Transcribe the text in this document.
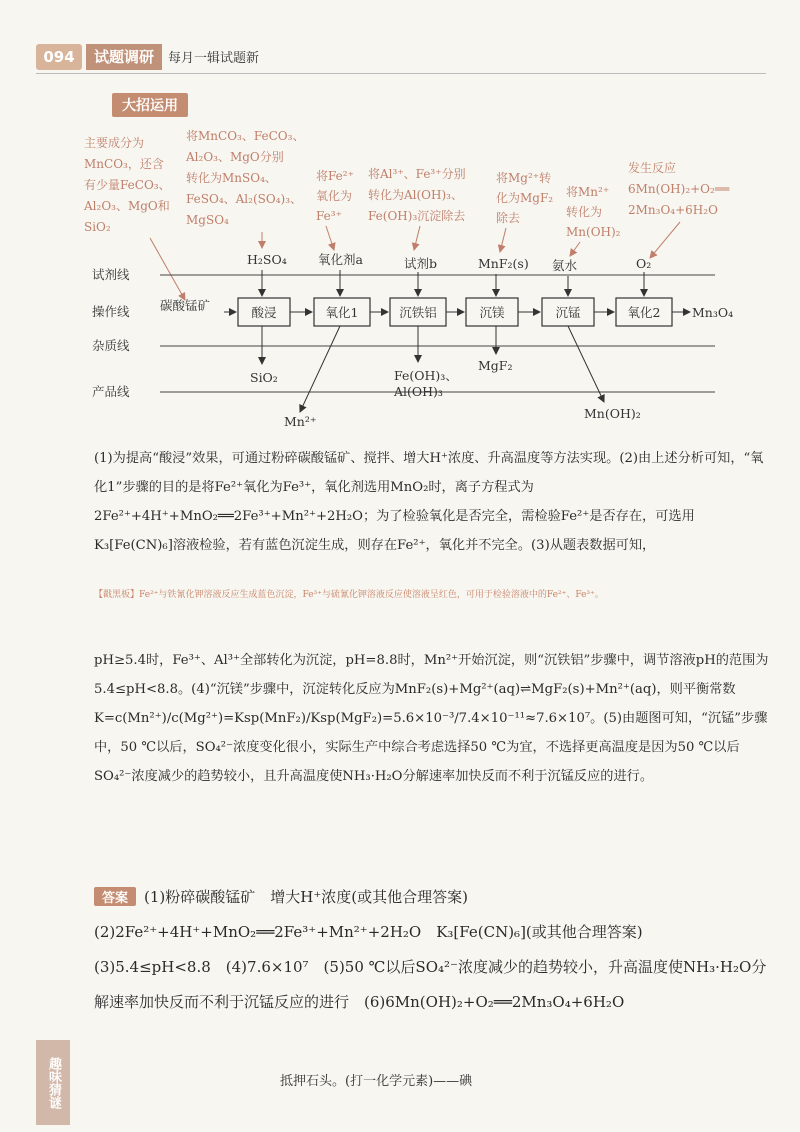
094	试题调研	每月一辑试题新
大招运用
主要成分为
MnCO₃，还含
有少量FeCO₃、
Al₂O₃、MgO和
SiO₂
将MnCO₃、FeCO₃、
Al₂O₃、MgO分别
转化为MnSO₄、
FeSO₄、Al₂(SO₄)₃、
MgSO₄
将Fe²⁺
氧化为
Fe³⁺
将Al³⁺、Fe³⁺分别
转化为Al(OH)₃、
Fe(OH)₃沉淀除去
将Mg²⁺转
化为MgF₂
除去
将Mn²⁺
转化为
Mn(OH)₂
发生反应
6Mn(OH)₂+O₂══
2Mn₃O₄+6H₂O
试剂线
操作线
杂质线
产品线
H₂SO₄	氧化剂a	试剂b	MnF₂(s) 氨水	O₂
碳酸锰矿	酸浸	氧化1	沉铁铝	沉镁	沉锰	氧化2	Mn₃O₄
SiO₂	Fe(OH)₃、
Al(OH)₃
MgF₂
Mn²⁺
Mn(OH)₂
(1)为提高“酸浸”效果，可通过粉碎碳酸锰矿、搅拌、增大H⁺浓度、升高温度等方法实现。(2)由上述分析可知，“氧化1”步骤的目的是将Fe²⁺氧化为Fe³⁺，氧化剂选用MnO₂时，离子方程式为2Fe²⁺+4H⁺+MnO₂══2Fe³⁺+Mn²⁺+2H₂O；为了检验氧化是否完全，需检验Fe²⁺是否存在，可选用K₃[Fe(CN)₆]溶液检验，若有蓝色沉淀生成，则存在Fe²⁺，氧化并不完全。(3)从题表数据可知，
【戳黑板】Fe²⁺与铁氰化钾溶液反应生成蓝色沉淀，Fe³⁺与硫氰化钾溶液反应使溶液呈红色，可用于检验溶液中的Fe²⁺、Fe³⁺。
pH≥5.4时，Fe³⁺、Al³⁺全部转化为沉淀，pH=8.8时，Mn²⁺开始沉淀，则“沉铁铝”步骤中，调节溶液pH的范围为5.4≤pH<8.8。(4)“沉镁”步骤中，沉淀转化反应为MnF₂(s)+Mg²⁺(aq)⇌MgF₂(s)+Mn²⁺(aq)，则平衡常数K=c(Mn²⁺)/c(Mg²⁺)=Ksp(MnF₂)/Ksp(MgF₂)=5.6×10⁻³/7.4×10⁻¹¹≈7.6×10⁷。(5)由题图可知，“沉锰”步骤中，50 ℃以后，SO₄²⁻浓度变化很小，实际生产中综合考虑选择50 ℃为宜，不选择更高温度是因为50 ℃以后SO₄²⁻浓度减少的趋势较小，且升高温度使NH₃·H₂O分解速率加快反而不利于沉锰反应的进行。
答案 (1)粉碎碳酸锰矿　增大H⁺浓度(或其他合理答案)　(2)2Fe²⁺+4H⁺+MnO₂══2Fe³⁺+Mn²⁺+2H₂O　K₃[Fe(CN)₆](或其他合理答案)　(3)5.4≤pH<8.8　(4)7.6×10⁷　(5)50 ℃以后SO₄²⁻浓度减少的趋势较小，升高温度使NH₃·H₂O分解速率加快反而不利于沉锰反应的进行　(6)6Mn(OH)₂+O₂══2Mn₃O₄+6H₂O
趣味猜谜	抵押石头。(打一化学元素)——碘
